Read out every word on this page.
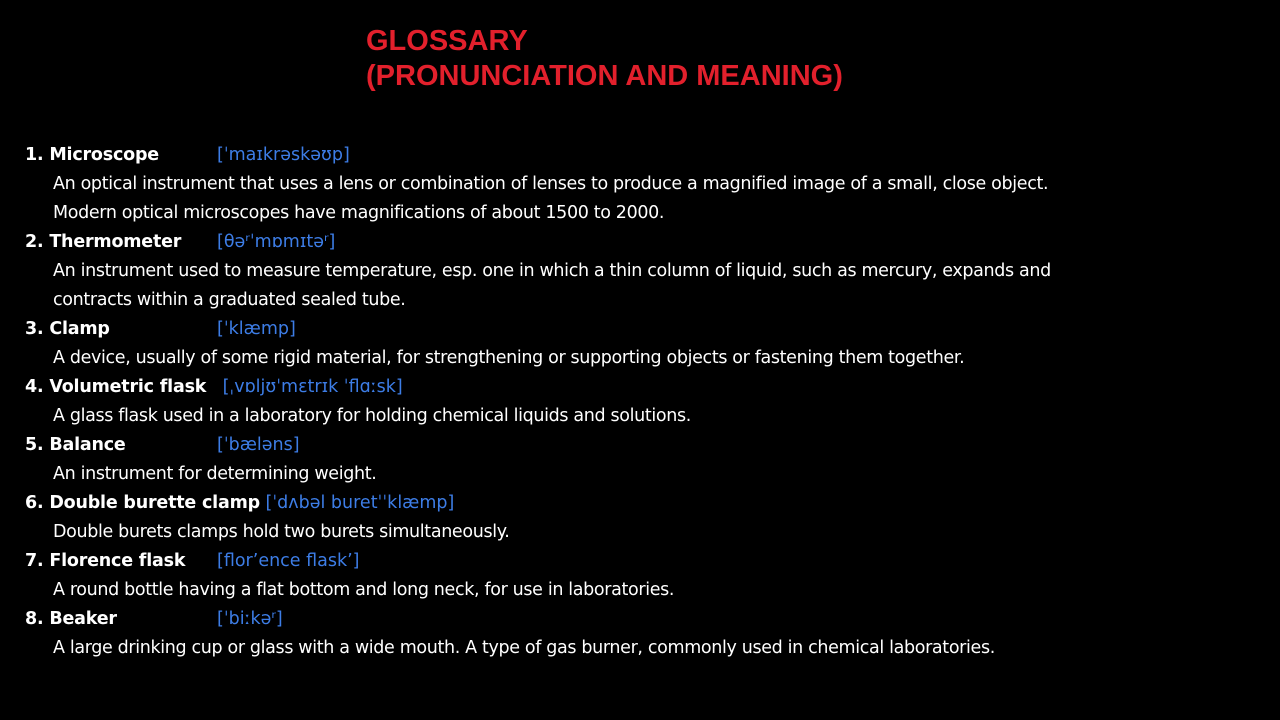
GLOSSARY
(PRONUNCIATION AND MEANING)
1. Microscope	[ˈmaɪkrəskəʊp]
An optical instrument that uses a lens or combination of lenses to produce a magnified image of a small, close object.
Modern optical microscopes have magnifications of about 1500 to 2000.
2. Thermometer [θəʳˈmɒmɪtəʳ]
An instrument used to measure temperature, esp. one in which a thin column of liquid, such as mercury, expands and
contracts within a graduated sealed tube.
3. Clamp	[ˈklæmp]
A device, usually of some rigid material, for strengthening or supporting objects or fastening them together.
4. Volumetric flask [ˌvɒljʊˈmɛtrɪk ˈflɑːsk]
A glass flask used in a laboratory for holding chemical liquids and solutions.
5. Balance	[ˈbæləns]
An instrument for determining weight.
6. Double burette clamp [ˈdʌbəl buretˈˈklæmp]
Double burets clamps hold two burets simultaneously.
7. Florence flask [flor’ence flask’]
A round bottle having a flat bottom and long neck, for use in laboratories.
8. Beaker	[ˈbiːkəʳ]
A large drinking cup or glass with a wide mouth. A type of gas burner, commonly used in chemical laboratories.
